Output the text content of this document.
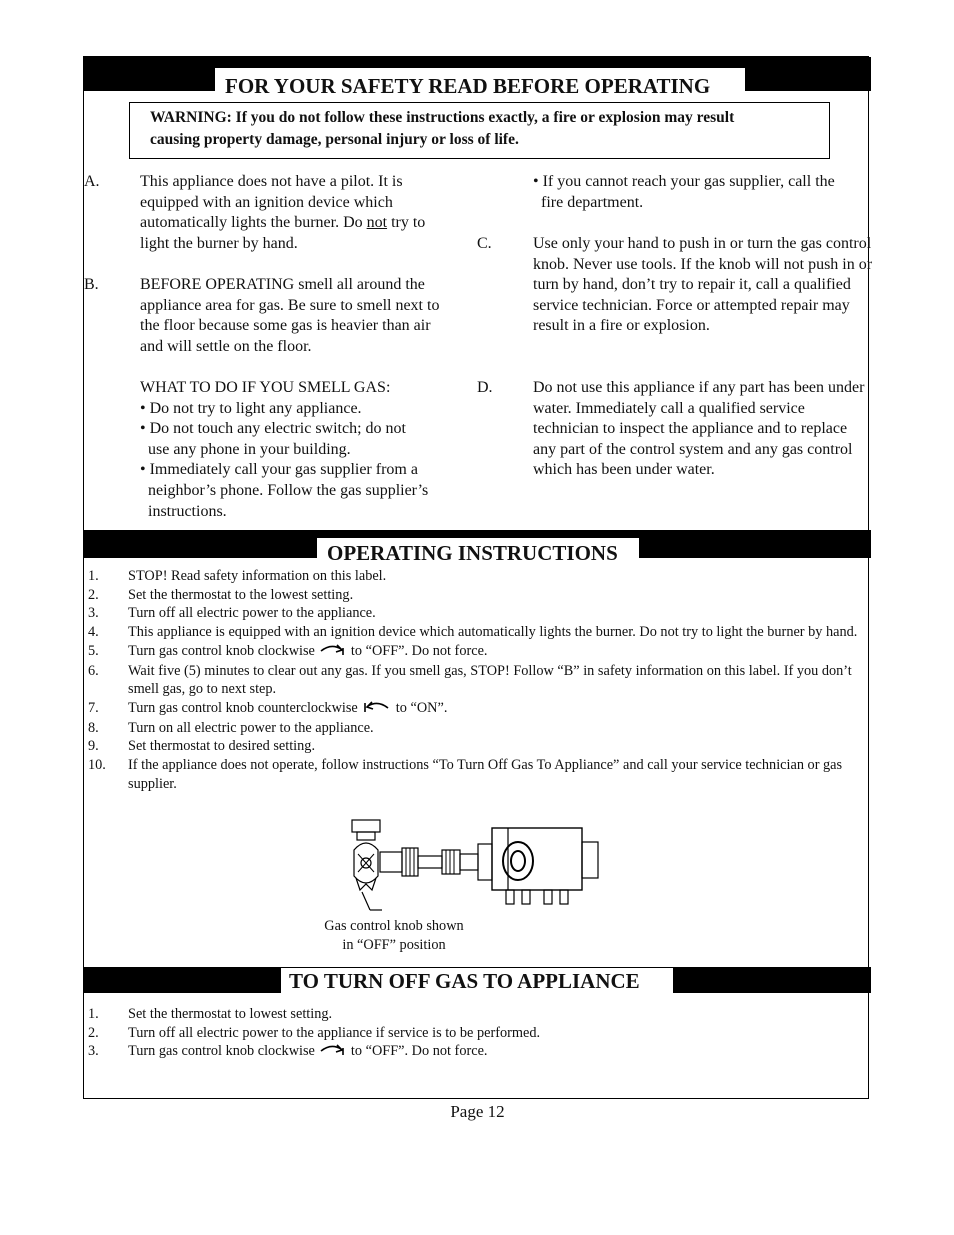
FOR YOUR SAFETY READ BEFORE OPERATING
WARNING: If you do not follow these instructions exactly, a fire or explosion may result
causing property damage, personal injury or loss of life.
A.	This appliance does not have a pilot. It is equipped with an ignition device which automatically lights the burner. Do not try to light the burner by hand.
B.	BEFORE OPERATING smell all around the appliance area for gas. Be sure to smell next to the floor because some gas is heavier than air and will settle on the floor.
WHAT TO DO IF YOU SMELL GAS:
• Do not try to light any appliance.
• Do not touch any electric switch; do not use any phone in your building.
• Immediately call your gas supplier from a neighbor’s phone. Follow the gas supplier’s instructions.
• If you cannot reach your gas supplier, call the fire department.
C.	Use only your hand to push in or turn the gas control knob. Never use tools. If the knob will not push in or turn by hand, don’t try to repair it, call a qualified service technician. Force or attempted repair may result in a fire or explosion.
D.	Do not use this appliance if any part has been under water. Immediately call a qualified service technician to inspect the appliance and to replace any part of the control system and any gas control which has been under water.
OPERATING INSTRUCTIONS
1. STOP! Read safety information on this label.
2. Set the thermostat to the lowest setting.
3. Turn off all electric power to the appliance.
4. This appliance is equipped with an ignition device which automatically lights the burner. Do not try to light the burner by hand.
5. Turn gas control knob clockwise	to “OFF”. Do not force.
6. Wait five (5) minutes to clear out any gas. If you smell gas, STOP! Follow “B” in safety information on this label. If you don’t smell gas, go to next step.
7. Turn gas control knob counterclockwise	to “ON”.
8. Turn on all electric power to the appliance.
9. Set thermostat to desired setting.
10. If the appliance does not operate, follow instructions “To Turn Off Gas To Appliance” and call your service technician or gas supplier.
Gas control knob shown
in “OFF” position
TO TURN OFF GAS TO APPLIANCE
1. Set the thermostat to lowest setting.
2. Turn off all electric power to the appliance if service is to be performed.
3. Turn gas control knob clockwise	to “OFF”. Do not force.
Page 12
